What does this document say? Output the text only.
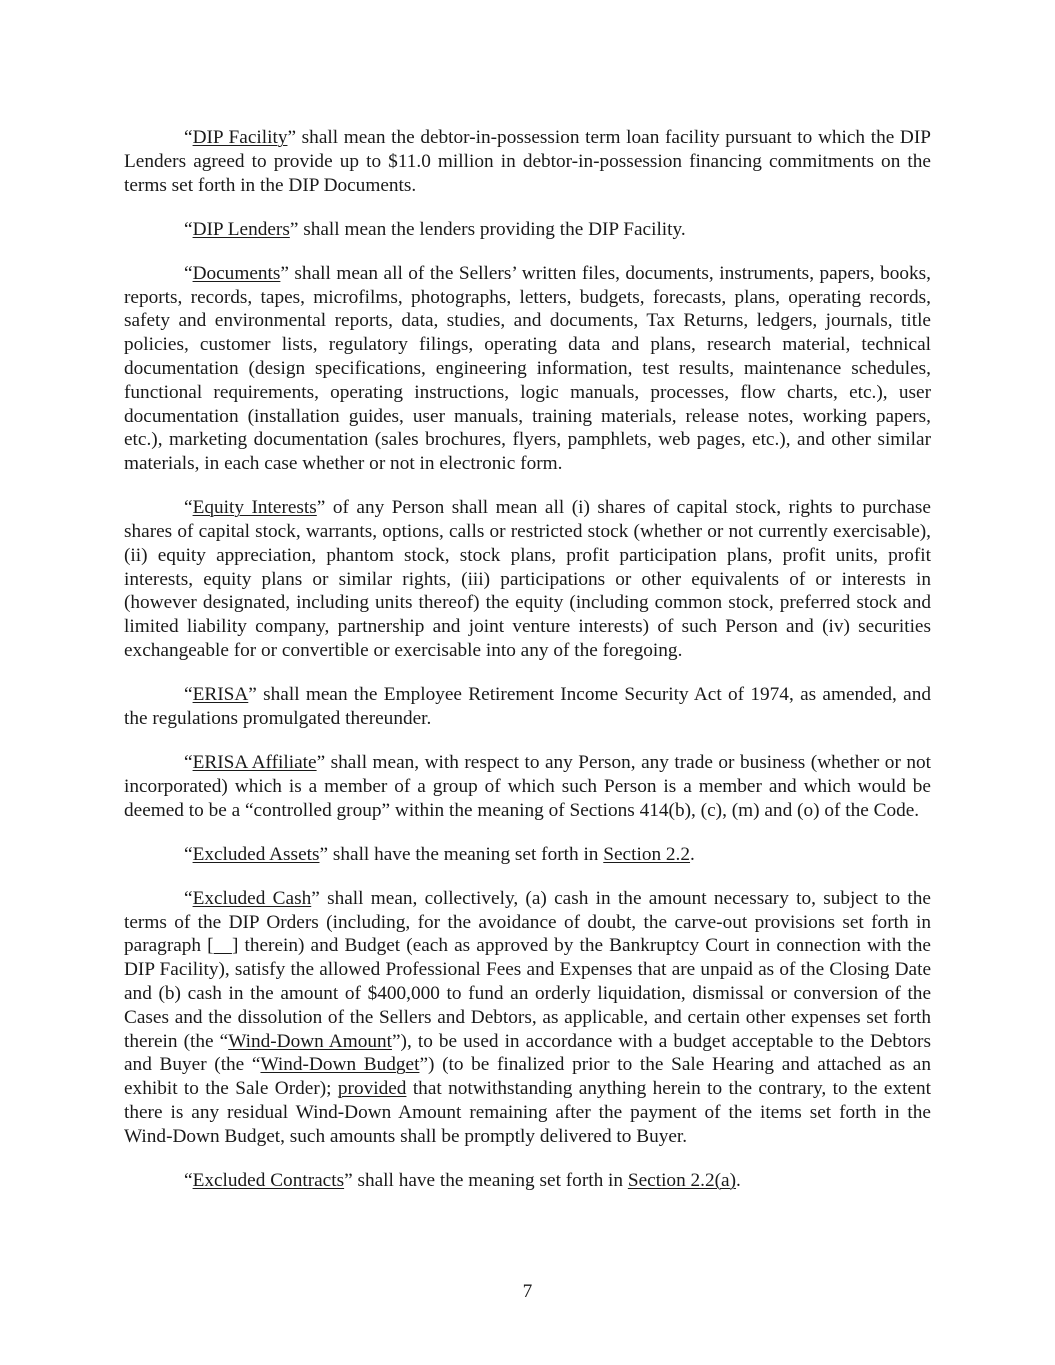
“DIP Facility” shall mean the debtor-in-possession term loan facility pursuant to which the DIP Lenders agreed to provide up to $11.0 million in debtor-in-possession financing commitments on the terms set forth in the DIP Documents.

“DIP Lenders” shall mean the lenders providing the DIP Facility.

“Documents” shall mean all of the Sellers’ written files, documents, instruments, papers, books, reports, records, tapes, microfilms, photographs, letters, budgets, forecasts, plans, operating records, safety and environmental reports, data, studies, and documents, Tax Returns, ledgers, journals, title policies, customer lists, regulatory filings, operating data and plans, research material, technical documentation (design specifications, engineering information, test results, maintenance schedules, functional requirements, operating instructions, logic manuals, processes, flow charts, etc.), user documentation (installation guides, user manuals, training materials, release notes, working papers, etc.), marketing documentation (sales brochures, flyers, pamphlets, web pages, etc.), and other similar materials, in each case whether or not in electronic form.

“Equity Interests” of any Person shall mean all (i) shares of capital stock, rights to purchase shares of capital stock, warrants, options, calls or restricted stock (whether or not currently exercisable), (ii) equity appreciation, phantom stock, stock plans, profit participation plans, profit units, profit interests, equity plans or similar rights, (iii) participations or other equivalents of or interests in (however designated, including units thereof) the equity (including common stock, preferred stock and limited liability company, partnership and joint venture interests) of such Person and (iv) securities exchangeable for or convertible or exercisable into any of the foregoing.

“ERISA” shall mean the Employee Retirement Income Security Act of 1974, as amended, and the regulations promulgated thereunder.

“ERISA Affiliate” shall mean, with respect to any Person, any trade or business (whether or not incorporated) which is a member of a group of which such Person is a member and which would be deemed to be a “controlled group” within the meaning of Sections 414(b), (c), (m) and (o) of the Code.

“Excluded Assets” shall have the meaning set forth in Section 2.2.

“Excluded Cash” shall mean, collectively, (a) cash in the amount necessary to, subject to the terms of the DIP Orders (including, for the avoidance of doubt, the carve-out provisions set forth in paragraph [ ] therein) and Budget (each as approved by the Bankruptcy Court in connection with the DIP Facility), satisfy the allowed Professional Fees and Expenses that are unpaid as of the Closing Date and (b) cash in the amount of $400,000 to fund an orderly liquidation, dismissal or conversion of the Cases and the dissolution of the Sellers and Debtors, as applicable, and certain other expenses set forth therein (the “Wind-Down Amount”), to be used in accordance with a budget acceptable to the Debtors and Buyer (the “Wind-Down Budget”) (to be finalized prior to the Sale Hearing and attached as an exhibit to the Sale Order); provided that notwithstanding anything herein to the contrary, to the extent there is any residual Wind-Down Amount remaining after the payment of the items set forth in the Wind-Down Budget, such amounts shall be promptly delivered to Buyer.

“Excluded Contracts” shall have the meaning set forth in Section 2.2(a).

7
